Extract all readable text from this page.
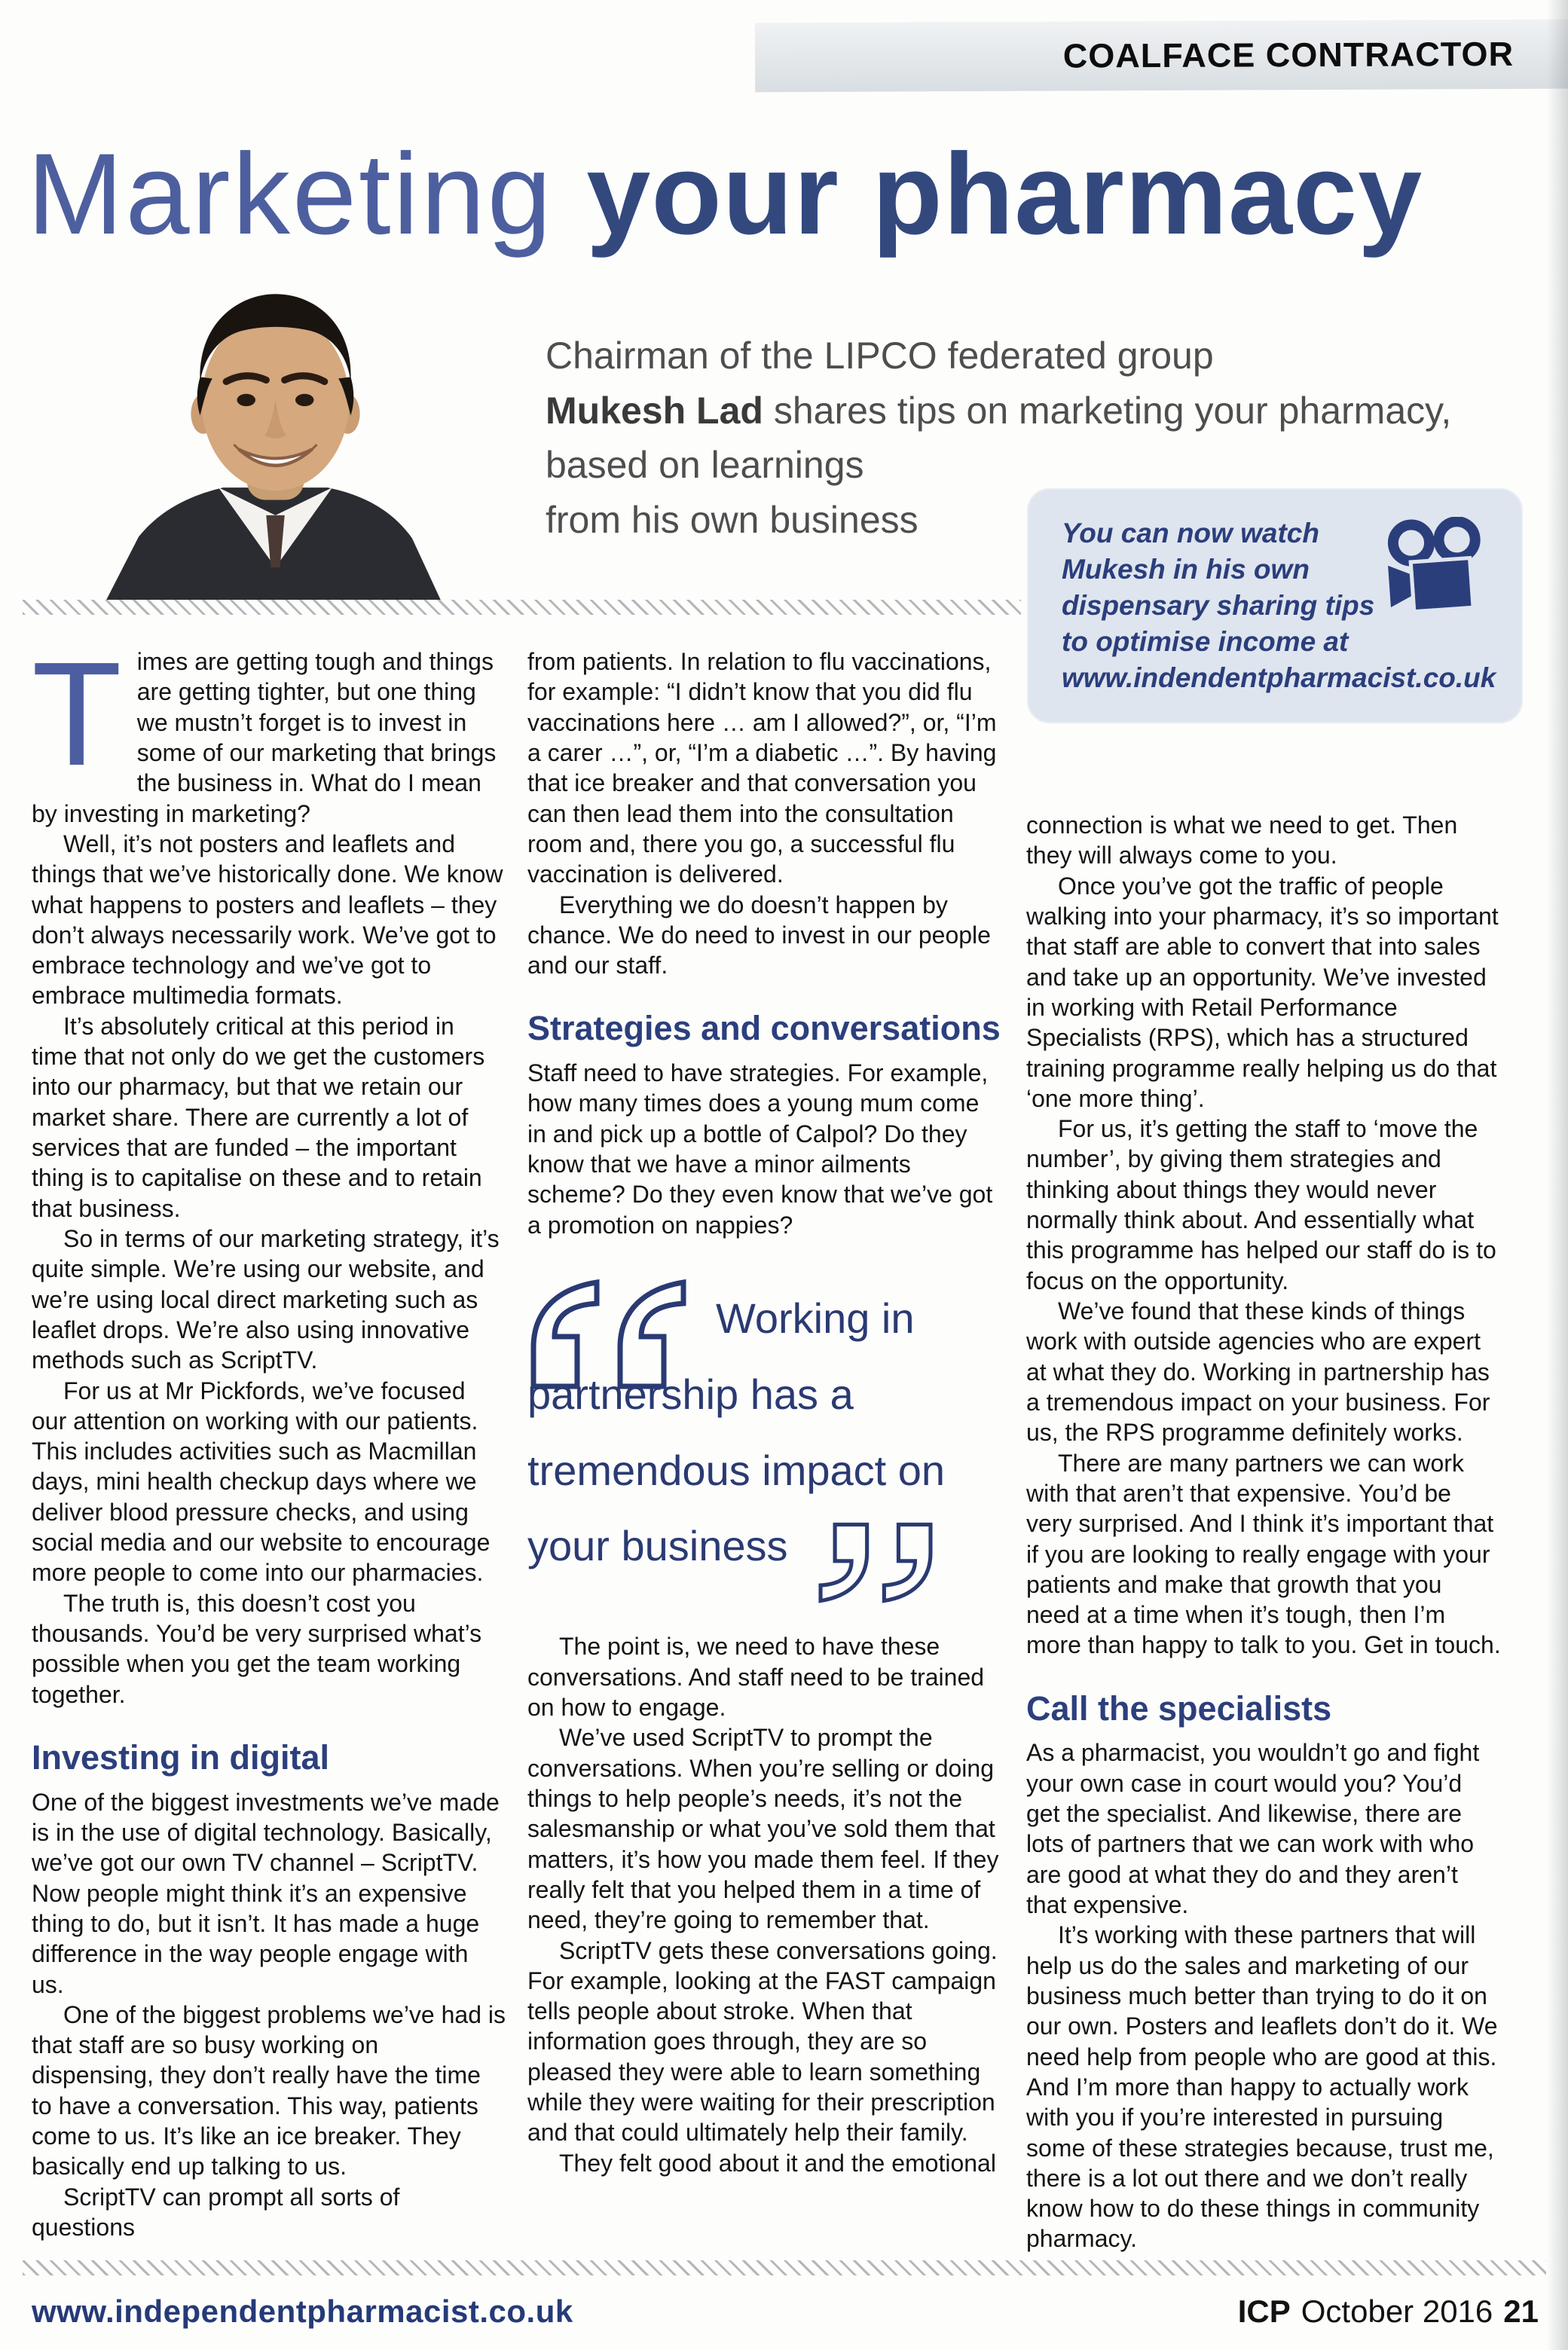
COALFACE CONTRACTOR
Marketing your pharmacy
Chairman of the LIPCO federated group
Mukesh Lad shares tips on marketing your pharmacy,
based on learnings
from his own business	You can now watch
Mukesh in his own
dispensary sharing tips
to optimise income at
www.indendentpharmacist.co.uk

Times are getting tough and things are getting tighter, but one thing we mustn’t forget is to invest in some of our marketing that brings the business in. What do I mean by investing in marketing?

Well, it’s not posters and leaflets and things that we’ve historically done. We know what happens to posters and leaflets – they don’t always necessarily work. We’ve got to embrace technology and we’ve got to embrace multimedia formats.

It’s absolutely critical at this period in time that not only do we get the customers into our pharmacy, but that we retain our market share. There are currently a lot of services that are funded – the important thing is to capitalise on these and to retain that business.

So in terms of our marketing strategy, it’s quite simple. We’re using our website, and we’re using local direct marketing such as leaflet drops. We’re also using innovative methods such as ScriptTV.

For us at Mr Pickfords, we’ve focused our attention on working with our patients. This includes activities such as Macmillan days, mini health checkup days where we deliver blood pressure checks, and using social media and our website to encourage more people to come into our pharmacies.

The truth is, this doesn’t cost you thousands. You’d be very surprised what’s possible when you get the team working together.

Investing in digital

One of the biggest investments we’ve made is in the use of digital technology. Basically, we’ve got our own TV channel – ScriptTV. Now people might think it’s an expensive thing to do, but it isn’t. It has made a huge difference in the way people engage with us.

One of the biggest problems we’ve had is that staff are so busy working on dispensing, they don’t really have the time to have a conversation. This way, patients come to us. It’s like an ice breaker. They basically end up talking to us.

ScriptTV can prompt all sorts of questions

from patients. In relation to flu vaccinations, for example: “I didn’t know that you did flu vaccinations here … am I allowed?”, or, “I’m a carer …”, or, “I’m a diabetic …”. By having that ice breaker and that conversation you can then lead them into the consultation room and, there you go, a successful flu vaccination is delivered.

Everything we do doesn’t happen by chance. We do need to invest in our people and our staff.

Strategies and conversations

Staff need to have strategies. For example, how many times does a young mum come in and pick up a bottle of Calpol? Do they know that we have a minor ailments scheme? Do they even know that we’ve got a promotion on nappies?

Working in partnership has a tremendous impact on your business

The point is, we need to have these conversations. And staff need to be trained on how to engage.

We’ve used ScriptTV to prompt the conversations. When you’re selling or doing things to help people’s needs, it’s not the salesmanship or what you’ve sold them that matters, it’s how you made them feel. If they really felt that you helped them in a time of need, they’re going to remember that.

ScriptTV gets these conversations going. For example, looking at the FAST campaign tells people about stroke. When that information goes through, they are so pleased they were able to learn something while they were waiting for their prescription and that could ultimately help their family.

They felt good about it and the emotional

connection is what we need to get. Then they will always come to you.

Once you’ve got the traffic of people walking into your pharmacy, it’s so important that staff are able to convert that into sales and take up an opportunity. We’ve invested in working with Retail Performance Specialists (RPS), which has a structured training programme really helping us do that ‘one more thing’.

For us, it’s getting the staff to ‘move the number’, by giving them strategies and thinking about things they would never normally think about. And essentially what this programme has helped our staff do is to focus on the opportunity.

We’ve found that these kinds of things work with outside agencies who are expert at what they do. Working in partnership has a tremendous impact on your business. For us, the RPS programme definitely works.

There are many partners we can work with that aren’t that expensive. You’d be very surprised. And I think it’s important that if you are looking to really engage with your patients and make that growth that you need at a time when it’s tough, then I’m more than happy to talk to you. Get in touch.

Call the specialists

As a pharmacist, you wouldn’t go and fight your own case in court would you? You’d get the specialist. And likewise, there are lots of partners that we can work with who are good at what they do and they aren’t that expensive.

It’s working with these partners that will help us do the sales and marketing of our business much better than trying to do it on our own. Posters and leaflets don’t do it. We need help from people who are good at this. And I’m more than happy to actually work with you if you’re interested in pursuing some of these strategies because, trust me, there is a lot out there and we don’t really know how to do these things in community pharmacy.

www.independentpharmacist.co.uk	ICP October 2016 21
